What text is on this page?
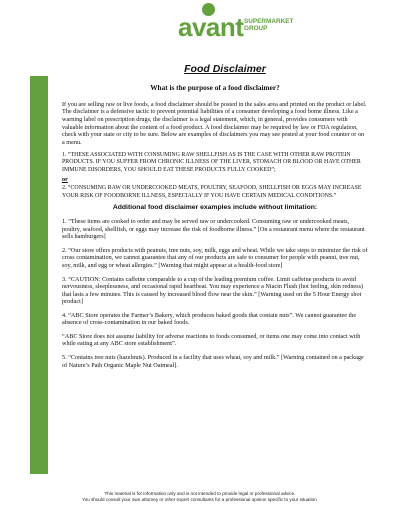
avant SUPERMARKET
GROUP
Food Disclaimer
What is the purpose of a food disclaimer?

If you are selling raw or live foods, a food disclaimer should be posted in the sales area and printed on the product or label. The disclaimer is a defensive tactic to prevent potential liabilities of a consumer developing a food borne illness. Like a warning label on prescription drugs, the disclaimer is a legal statement, which, in general, provides consumers with valuable information about the content of a food product. A food disclaimer may be required by law or FDA regulation, check with your state or city to be sure. Below are examples of disclaimers you may see posted at your food counter or on a menu.

1. “THESE ASSOCIATED WITH CONSUMING RAW SHELLFISH AS IS THE CASE WITH OTHER RAW PROTEIN PRODUCTS. IF YOU SUFFER FROM CHRONIC ILLNESS OF THE LIVER, STOMACH OR BLOOD OR HAVE OTHER IMMUNE DISORDERS, YOU SHOULD EAT THESE PRODUCTS FULLY COOKED”;

or

2. “CONSUMING RAW OR UNDERCOOKED MEATS, POULTRY, SEAFOOD, SHELLFISH OR EGGS MAY INCREASE YOUR RISK OF FOODBORNE ILLNESS, ESPECIALLY IF YOU HAVE CERTAIN MEDICAL CONDITIONS.”

Additional food disclaimer examples include without limitation:

1. “These items are cooked to order and may be served raw or undercooked. Consuming raw or undercooked meats, poultry, seafood, shellfish, or eggs may increase the risk of foodborne illness.” [On a restaurant menu where the restaurant sells hamburgers]

2. “Our store offers products with peanuts, tree nuts, soy, milk, eggs and wheat. While we take steps to minimize the risk of cross contamination, we cannot guarantee that any of our products are safe to consumer for people with peanut, tree nut, soy, milk, and egg or wheat allergies.” [Warning that might appear at a health-food store]

3. “CAUTION: Contains caffeine comparable to a cup of the leading premium coffee. Limit caffeine products to avoid nervousness, sleeplessness, and occasional rapid heartbeat. You may experience a Niacin Flush (hot feeling, skin redness) that lasts a few minutes. This is caused by increased blood flow near the skin.” [Warning used on the 5 Hour Energy shot product]

4. “ABC Store operates the Farmer’s Bakery, which produces baked goods that contain nuts”. We cannot guarantee the absence of cross-contamination in our baked foods.

“ABC Store does not assume liability for adverse reactions to foods consumed, or items one may come into contact with while eating at any ABC store establishment”.

5. “Contains tree nuts (hazelnuts). Produced in a facility that uses wheat, soy and milk.” [Warning contained on a package of Nature’s Path Organic Maple Nut Oatmeal].

This material is for information only and is not intended to provide legal or professional advice.
You should consult your own attorney or other expert consultants for a professional opinion specific to your situation.
